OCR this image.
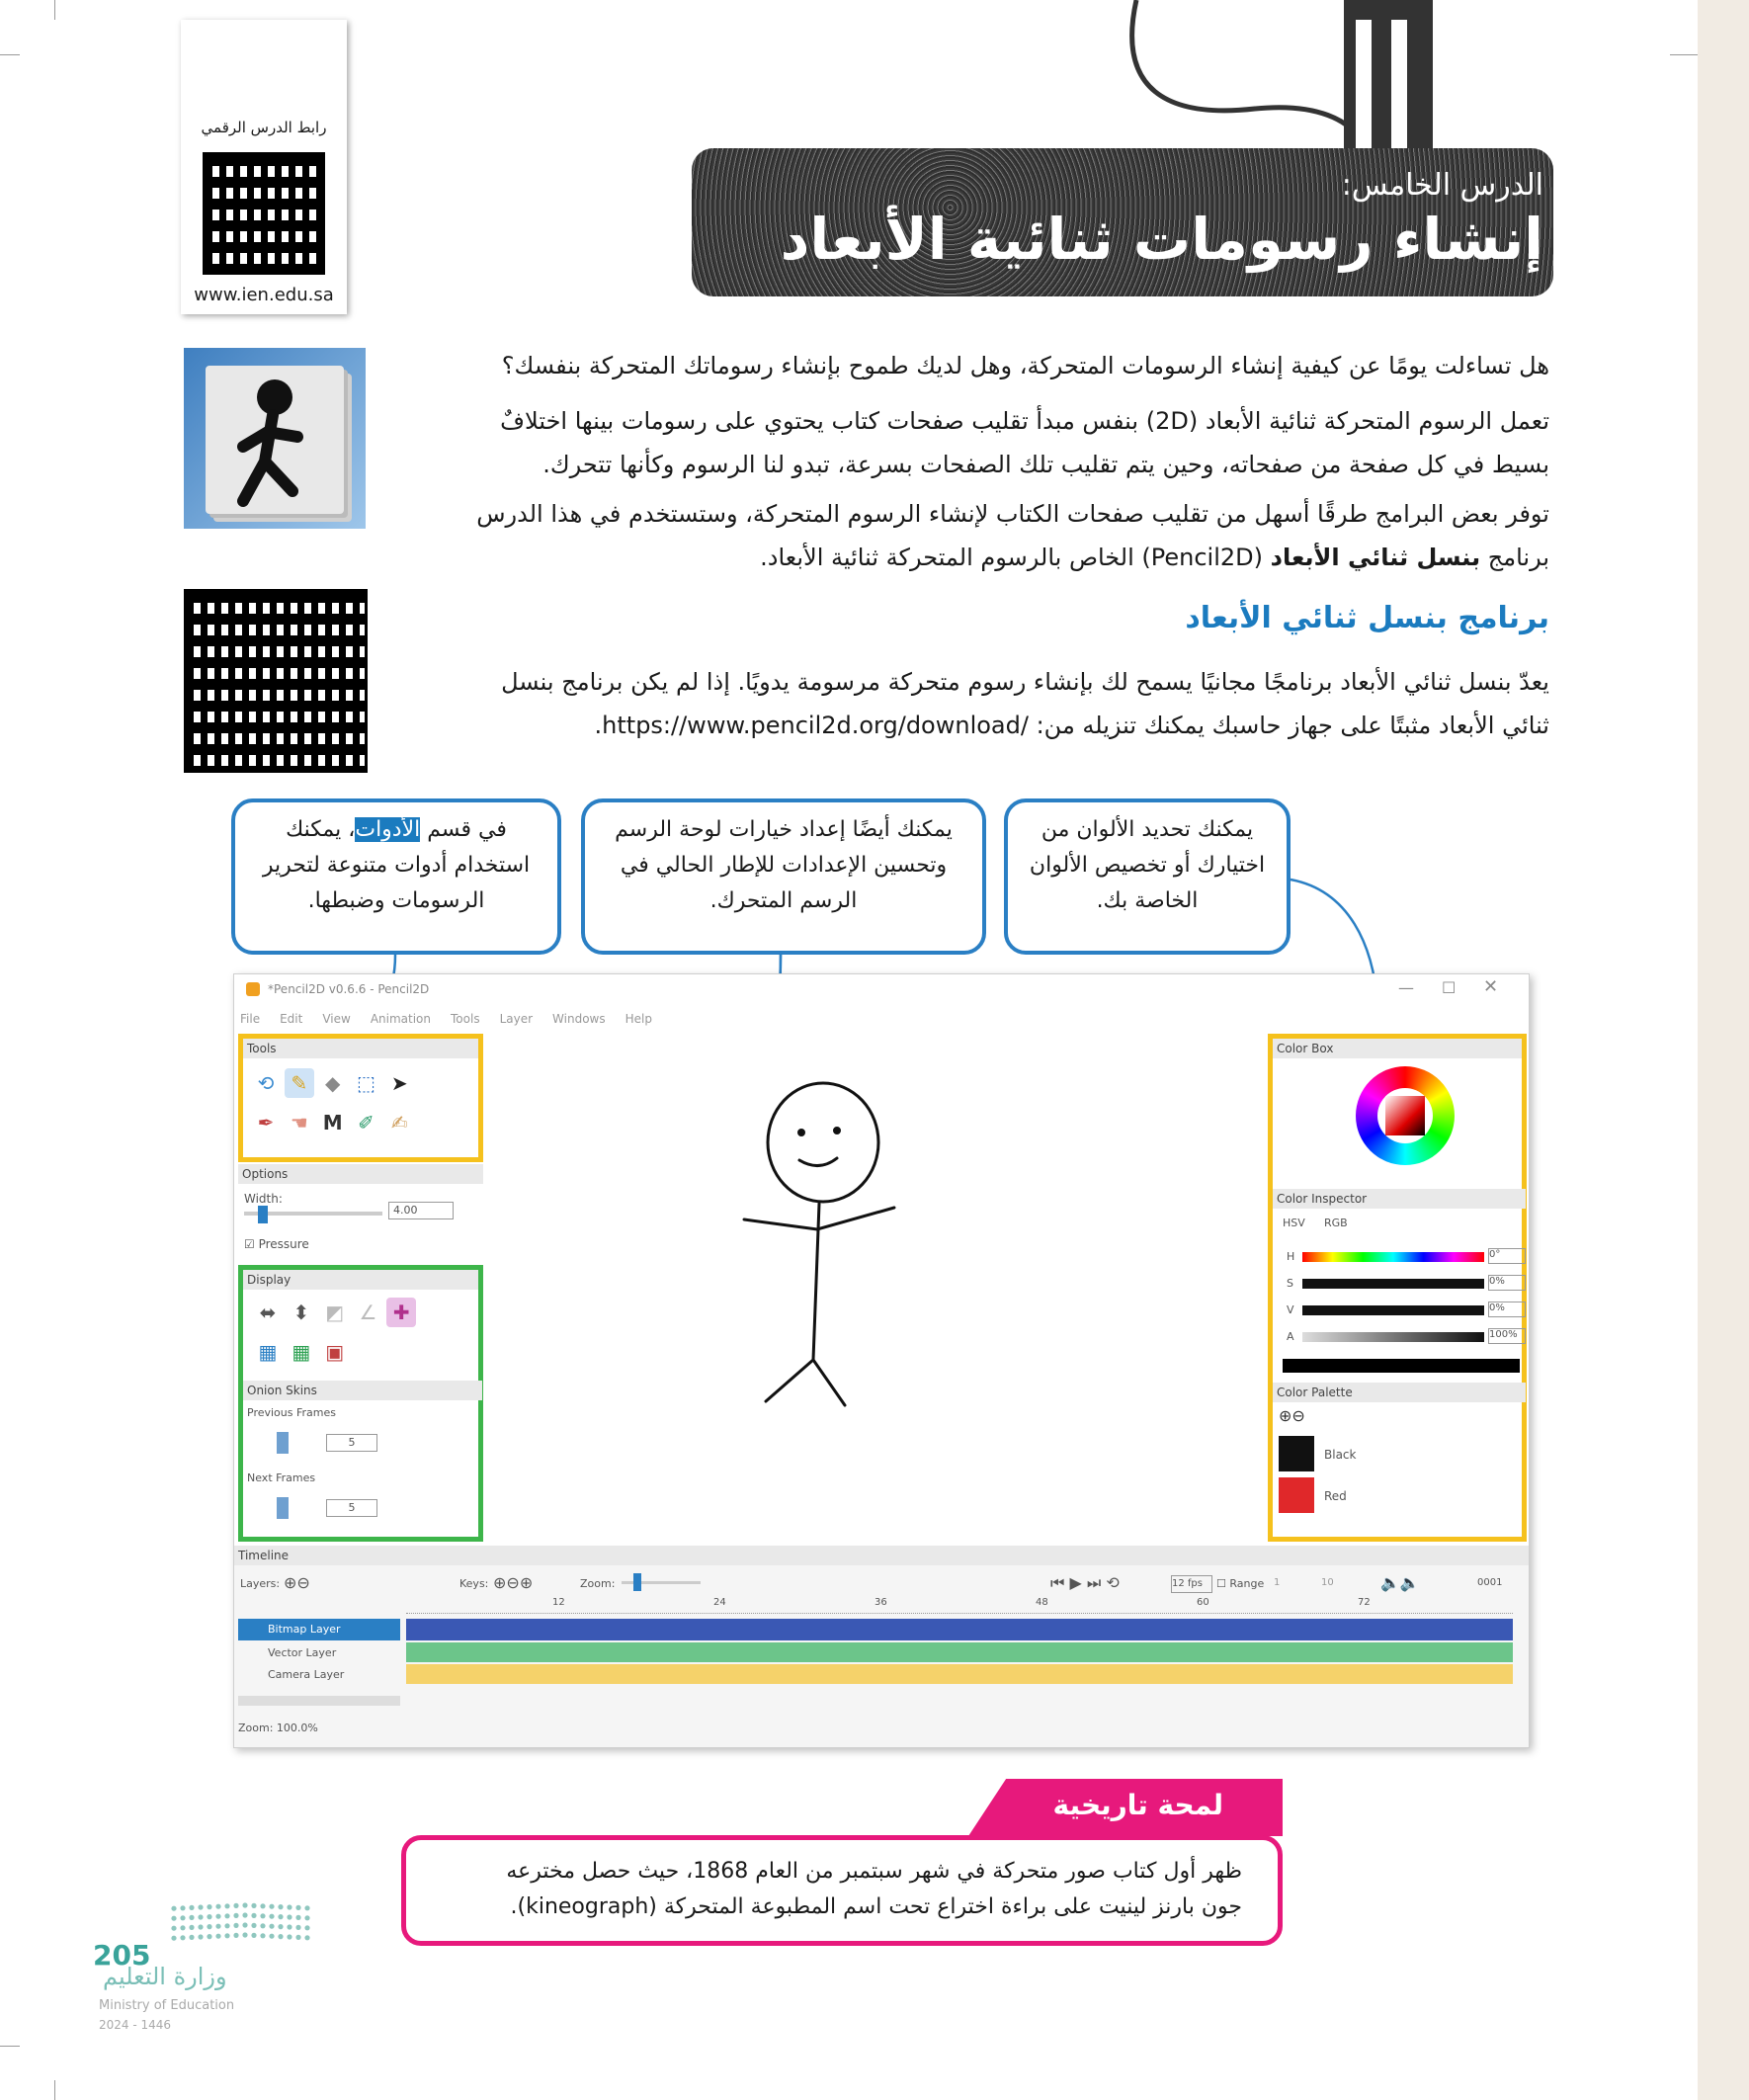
الدرس الخامس:
إنشاء رسومات ثنائية الأبعاد
رابط الدرس الرقمي
www.ien.edu.sa
هل تساءلت يومًا عن كيفية إنشاء الرسومات المتحركة، وهل لديك طموح بإنشاء رسوماتك المتحركة بنفسك؟
تعمل الرسوم المتحركة ثنائية الأبعاد (2D) بنفس مبدأ تقليب صفحات كتاب يحتوي على رسومات بينها اختلافٌ
بسيط في كل صفحة من صفحاته، وحين يتم تقليب تلك الصفحات بسرعة، تبدو لنا الرسوم وكأنها تتحرك.
توفر بعض البرامج طرقًا أسهل من تقليب صفحات الكتاب لإنشاء الرسوم المتحركة، وستستخدم في هذا الدرس
برنامج بنسل ثنائي الأبعاد (Pencil2D) الخاص بالرسوم المتحركة ثنائية الأبعاد.
برنامج بنسل ثنائي الأبعاد
يعدّ بنسل ثنائي الأبعاد برنامجًا مجانيًا يسمح لك بإنشاء رسوم متحركة مرسومة يدويًا. إذا لم يكن برنامج بنسل
ثنائي الأبعاد مثبتًا على جهاز حاسبك يمكنك تنزيله من: /https://www.pencil2d.org/download.
في قسم الأدوات، يمكنك استخدام أدوات متنوعة لتحرير الرسومات وضبطها.
يمكنك أيضًا إعداد خيارات لوحة الرسم وتحسين الإعدادات للإطار الحالي في الرسم المتحرك.
يمكنك تحديد الألوان من اختيارك أو تخصيص الألوان الخاصة بك.
*Pencil2D v0.6.6 - Pencil2D	— ☐ ✕
File Edit View Animation Tools Layer Windows Help
Tools
⟲ ✎ ◆ ⬚ ➤
✒ ☚ M ✐ ✍
Options
Width:
4.00
☑ Pressure
Display
⬌ ⬍ ◩ ∠ ✚
▦ ▦ ▣
Onion Skins
Previous Frames
5
Next Frames
5
Color Box
Color Inspector
HSV RGB
H	0°
S	0%
V	0%
A	100%
Color Palette
⊕⊖
Black
Red
Timeline
Layers: ⊕⊖	Keys: ⊕⊖⊕	Zoom:	⏮ ▶ ⏭ ⟲	12 fps	☐ Range 1	10	🔈🔈	0001
12	24	36	48	60	72
Bitmap Layer
Vector Layer
Camera Layer
Zoom: 100.0%
لمحة تاريخية
ظهر أول كتاب صور متحركة في شهر سبتمبر من العام 1868، حيث حصل مخترعه
جون بارنز لينيت على براءة اختراع تحت اسم المطبوعة المتحركة (kineograph).
205
وزارة التعليم
Ministry of Education
2024 - 1446
